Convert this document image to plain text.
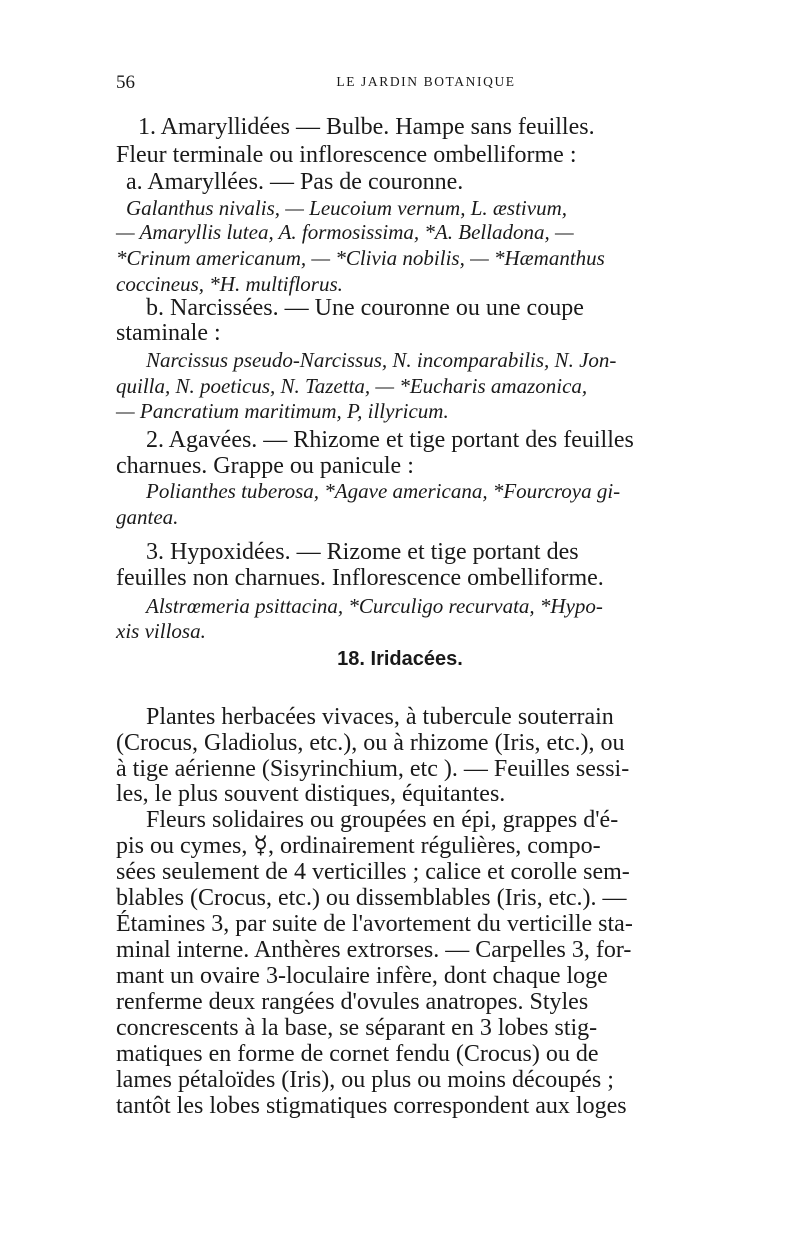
56	LE JARDIN BOTANIQUE
1. Amaryllidées — Bulbe. Hampe sans feuilles.
Fleur terminale ou inflorescence ombelliforme :
a. Amaryllées. — Pas de couronne.
Galanthus nivalis, — Leucoium vernum, L. æstivum,
— Amaryllis lutea, A. formosissima, *A. Belladona, —
*Crinum americanum, — *Clivia nobilis, — *Hæmanthus
coccineus, *H. multiflorus.
b. Narcissées. — Une couronne ou une coupe
staminale :
Narcissus pseudo-Narcissus, N. incomparabilis, N. Jon-
quilla, N. poeticus, N. Tazetta, — *Eucharis amazonica,
— Pancratium maritimum, P, illyricum.
2. Agavées. — Rhizome et tige portant des feuilles
charnues. Grappe ou panicule :
Polianthes tuberosa, *Agave americana, *Fourcroya gi-
gantea.
3. Hypoxidées. — Rizome et tige portant des
feuilles non charnues. Inflorescence ombelliforme.
Alstrœmeria psittacina, *Curculigo recurvata, *Hypo-
xis villosa.
18. Iridacées.
Plantes herbacées vivaces, à tubercule souterrain
(Crocus, Gladiolus, etc.), ou à rhizome (Iris, etc.), ou
à tige aérienne (Sisyrinchium, etc ). — Feuilles sessi-
les, le plus souvent distiques, équitantes.
Fleurs solidaires ou groupées en épi, grappes d'é-
pis ou cymes, ☿, ordinairement régulières, compo-
sées seulement de 4 verticilles ; calice et corolle sem-
blables (Crocus, etc.) ou dissemblables (Iris, etc.). —
Étamines 3, par suite de l'avortement du verticille sta-
minal interne. Anthères extrorses. — Carpelles 3, for-
mant un ovaire 3-loculaire infère, dont chaque loge
renferme deux rangées d'ovules anatropes. Styles
concrescents à la base, se séparant en 3 lobes stig-
matiques en forme de cornet fendu (Crocus) ou de
lames pétaloïdes (Iris), ou plus ou moins découpés ;
tantôt les lobes stigmatiques correspondent aux loges
